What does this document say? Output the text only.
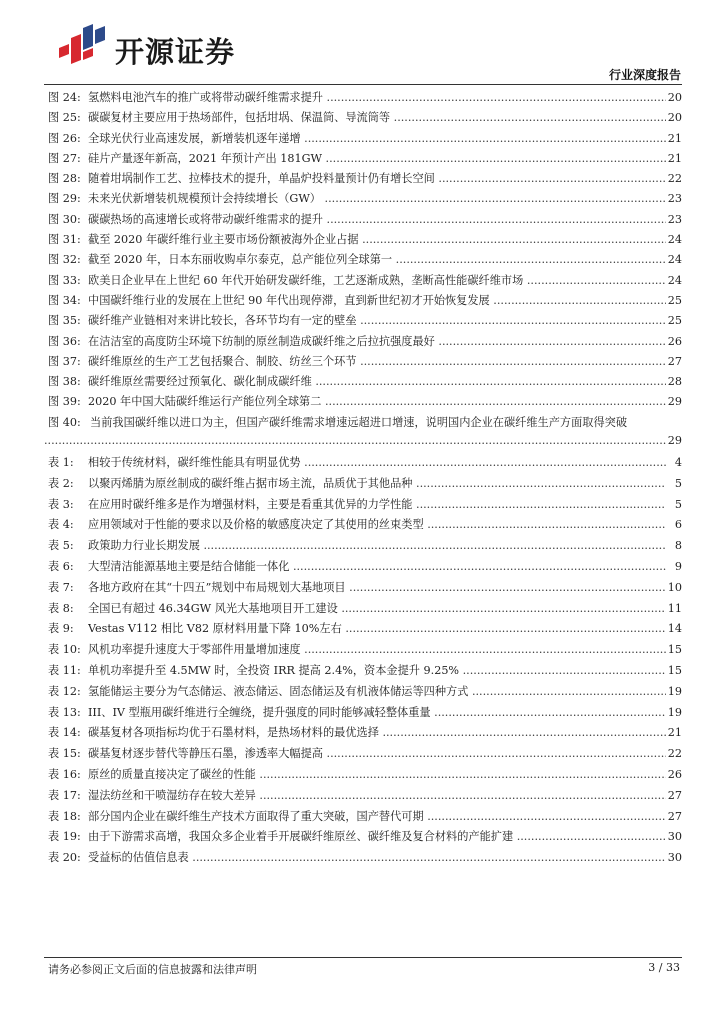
开源证券
行业深度报告
图 24: 氢燃料电池汽车的推广或将带动碳纤维需求提升 .....	20
图 25: 碳碳复材主要应用于热场部件，包括坩埚、保温筒、导流筒等 .....	20
图 26: 全球光伏行业高速发展，新增装机逐年递增 .....	21
图 27: 硅片产量逐年新高，2021 年预计产出 181GW .....	21
图 28: 随着坩埚制作工艺、拉棒技术的提升，单晶炉投料量预计仍有增长空间 .....	22
图 29: 未来光伏新增装机规模预计会持续增长（GW） .....	23
图 30: 碳碳热场的高速增长或将带动碳纤维需求的提升 .....	23
图 31: 截至 2020 年碳纤维行业主要市场份额被海外企业占据 .....	24
图 32: 截至 2020 年，日本东丽收购卓尔泰克，总产能位列全球第一 .....	24
图 33: 欧美日企业早在上世纪 60 年代开始研发碳纤维，工艺逐渐成熟，垄断高性能碳纤维市场 .....	24
图 34: 中国碳纤维行业的发展在上世纪 90 年代出现停滞，直到新世纪初才开始恢复发展 .....	25
图 35: 碳纤维产业链相对来讲比较长，各环节均有一定的壁垒 .....	25
图 36: 在洁洁室的高度防尘环境下纺制的原丝制造成碳纤维之后拉抗强度最好 .....	26
图 37: 碳纤维原丝的生产工艺包括聚合、制胶、纺丝三个环节 .....	27
图 38: 碳纤维原丝需要经过预氧化、碳化制成碳纤维 .....	28
图 39: 2020 年中国大陆碳纤维运行产能位列全球第二 .....	29
图 40: 当前我国碳纤维以进口为主，但国产碳纤维需求增速远超进口增速，说明国内企业在碳纤维生产方面取得突破
.....
29
表 1: 相较于传统材料，碳纤维性能具有明显优势 .....	4
表 2: 以聚丙烯腈为原丝制成的碳纤维占据市场主流，品质优于其他品种 .....	5
表 3: 在应用时碳纤维多是作为增强材料，主要是看重其优异的力学性能 .....	5
表 4: 应用领域对于性能的要求以及价格的敏感度决定了其使用的丝束类型 .....	6
表 5: 政策助力行业长期发展 .....	8
表 6: 大型清洁能源基地主要是结合储能一体化 .....	9
表 7: 各地方政府在其“十四五”规划中布局规划大基地项目 .....	10
表 8: 全国已有超过 46.34GW 风光大基地项目开工建设 .....	11
表 9: Vestas V112 相比 V82 原材料用量下降 10%左右 .....	14
表 10: 风机功率提升速度大于零部件用量增加速度 .....	15
表 11: 单机功率提升至 4.5MW 时，全投资 IRR 提高 2.4%，资本金提升 9.25% .....	15
表 12: 氢能储运主要分为气态储运、液态储运、固态储运及有机液体储运等四种方式 .....	19
表 13: III、IV 型瓶用碳纤维进行全缠绕，提升强度的同时能够减轻整体重量 .....	19
表 14: 碳基复材各项指标均优于石墨材料，是热场材料的最优选择 .....	21
表 15: 碳基复材逐步替代等静压石墨，渗透率大幅提高 .....	22
表 16: 原丝的质量直接决定了碳丝的性能 .....	26
表 17: 湿法纺丝和干喷湿纺存在较大差异 .....	27
表 18: 部分国内企业在碳纤维生产技术方面取得了重大突破，国产替代可期 .....	27
表 19: 由于下游需求高增，我国众多企业着手开展碳纤维原丝、碳纤维及复合材料的产能扩建 .....	30
表 20: 受益标的估值信息表 .....	30
请务必参阅正文后面的信息披露和法律声明	3 / 33
